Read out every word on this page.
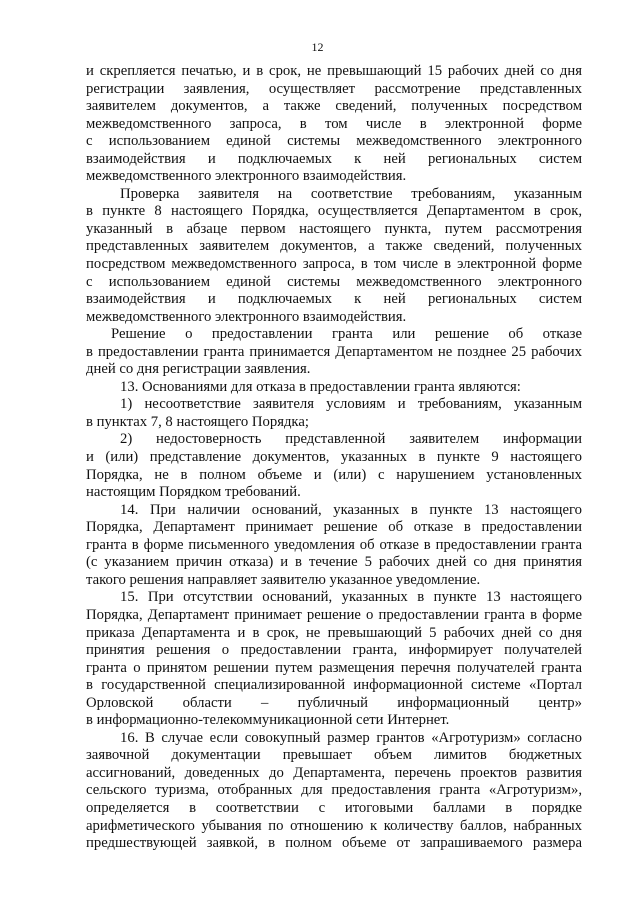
12
и скрепляется печатью, и в срок, не превышающий 15 рабочих дней со дня
регистрации заявления, осуществляет рассмотрение представленных
заявителем документов, а также сведений, полученных посредством
межведомственного запроса, в том числе в электронной форме
с использованием единой системы межведомственного электронного
взаимодействия и подключаемых к ней региональных систем
межведомственного электронного взаимодействия.
Проверка заявителя на соответствие требованиям, указанным
в пункте 8 настоящего Порядка, осуществляется Департаментом в срок,
указанный в абзаце первом настоящего пункта, путем рассмотрения
представленных заявителем документов, а также сведений, полученных
посредством межведомственного запроса, в том числе в электронной форме
с использованием единой системы межведомственного электронного
взаимодействия и подключаемых к ней региональных систем
межведомственного электронного взаимодействия.
Решение о предоставлении гранта или решение об отказе
в предоставлении гранта принимается Департаментом не позднее 25 рабочих
дней со дня регистрации заявления.
13. Основаниями для отказа в предоставлении гранта являются:
1) несоответствие заявителя условиям и требованиям, указанным
в пунктах 7, 8 настоящего Порядка;
2) недостоверность представленной заявителем информации
и (или) представление документов, указанных в пункте 9 настоящего
Порядка, не в полном объеме и (или) с нарушением установленных
настоящим Порядком требований.
14. При наличии оснований, указанных в пункте 13 настоящего
Порядка, Департамент принимает решение об отказе в предоставлении
гранта в форме письменного уведомления об отказе в предоставлении гранта
(с указанием причин отказа) и в течение 5 рабочих дней со дня принятия
такого решения направляет заявителю указанное уведомление.
15. При отсутствии оснований, указанных в пункте 13 настоящего
Порядка, Департамент принимает решение о предоставлении гранта в форме
приказа Департамента и в срок, не превышающий 5 рабочих дней со дня
принятия решения о предоставлении гранта, информирует получателей
гранта о принятом решении путем размещения перечня получателей гранта
в государственной специализированной информационной системе «Портал
Орловской области – публичный информационный центр»
в информационно-телекоммуникационной сети Интернет.
16. В случае если совокупный размер грантов «Агротуризм» согласно
заявочной документации превышает объем лимитов бюджетных
ассигнований, доведенных до Департамента, перечень проектов развития
сельского туризма, отобранных для предоставления гранта «Агротуризм»,
определяется в соответствии с итоговыми баллами в порядке
арифметического убывания по отношению к количеству баллов, набранных
предшествующей заявкой, в полном объеме от запрашиваемого размера
